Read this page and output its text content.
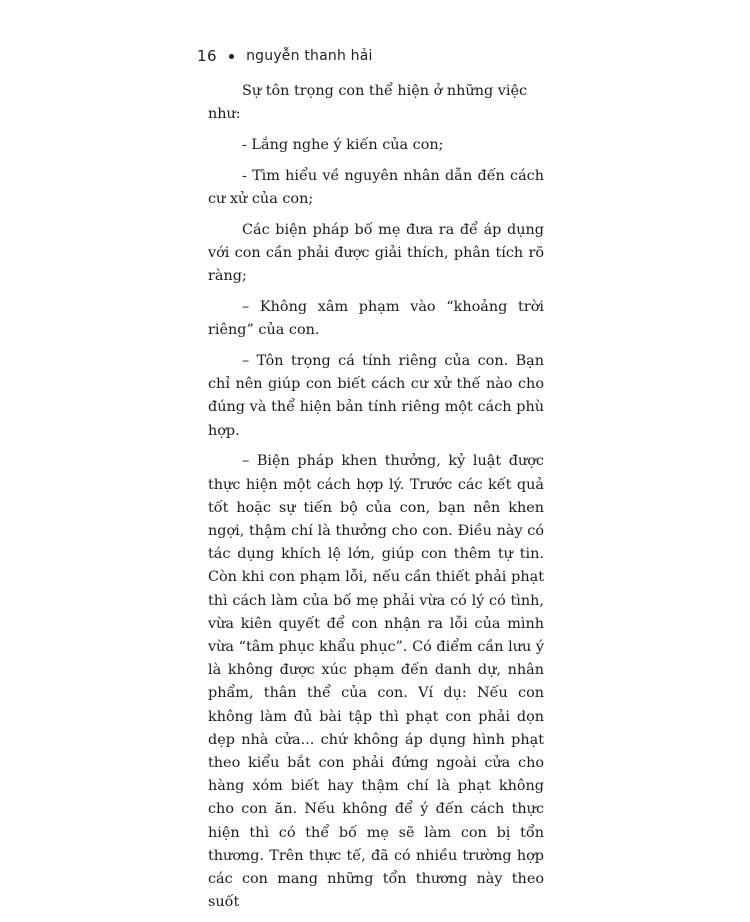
16 nguyễn thanh hải

Sự tôn trọng con thể hiện ở những việc như:

- Lắng nghe ý kiến của con;

- Tìm hiểu về nguyên nhân dẫn đến cách cư xử của con;

Các biện pháp bố mẹ đưa ra để áp dụng với con cần phải được giải thích, phân tích rõ ràng;

– Không xâm phạm vào “khoảng trời riêng” của con.

– Tôn trọng cá tính riêng của con. Bạn chỉ nên giúp con biết cách cư xử thế nào cho đúng và thể hiện bản tính riêng một cách phù hợp.

– Biện pháp khen thưởng, kỷ luật được thực hiện một cách hợp lý. Trước các kết quả tốt hoặc sự tiến bộ của con, bạn nên khen ngợi, thậm chí là thưởng cho con. Điều này có tác dụng khích lệ lớn, giúp con thêm tự tin. Còn khi con phạm lỗi, nếu cần thiết phải phạt thì cách làm của bố mẹ phải vừa có lý có tình, vừa kiên quyết để con nhận ra lỗi của mình vừa “tâm phục khẩu phục”. Có điểm cần lưu ý là không được xúc phạm đến danh dự, nhân phẩm, thân thể của con. Ví dụ: Nếu con không làm đủ bài tập thì phạt con phải dọn dẹp nhà cửa... chứ không áp dụng hình phạt theo kiểu bắt con phải đứng ngoài cửa cho hàng xóm biết hay thậm chí là phạt không cho con ăn. Nếu không để ý đến cách thực hiện thì có thể bố mẹ sẽ làm con bị tổn thương. Trên thực tế, đã có nhiều trường hợp các con mang những tổn thương này theo suốt
